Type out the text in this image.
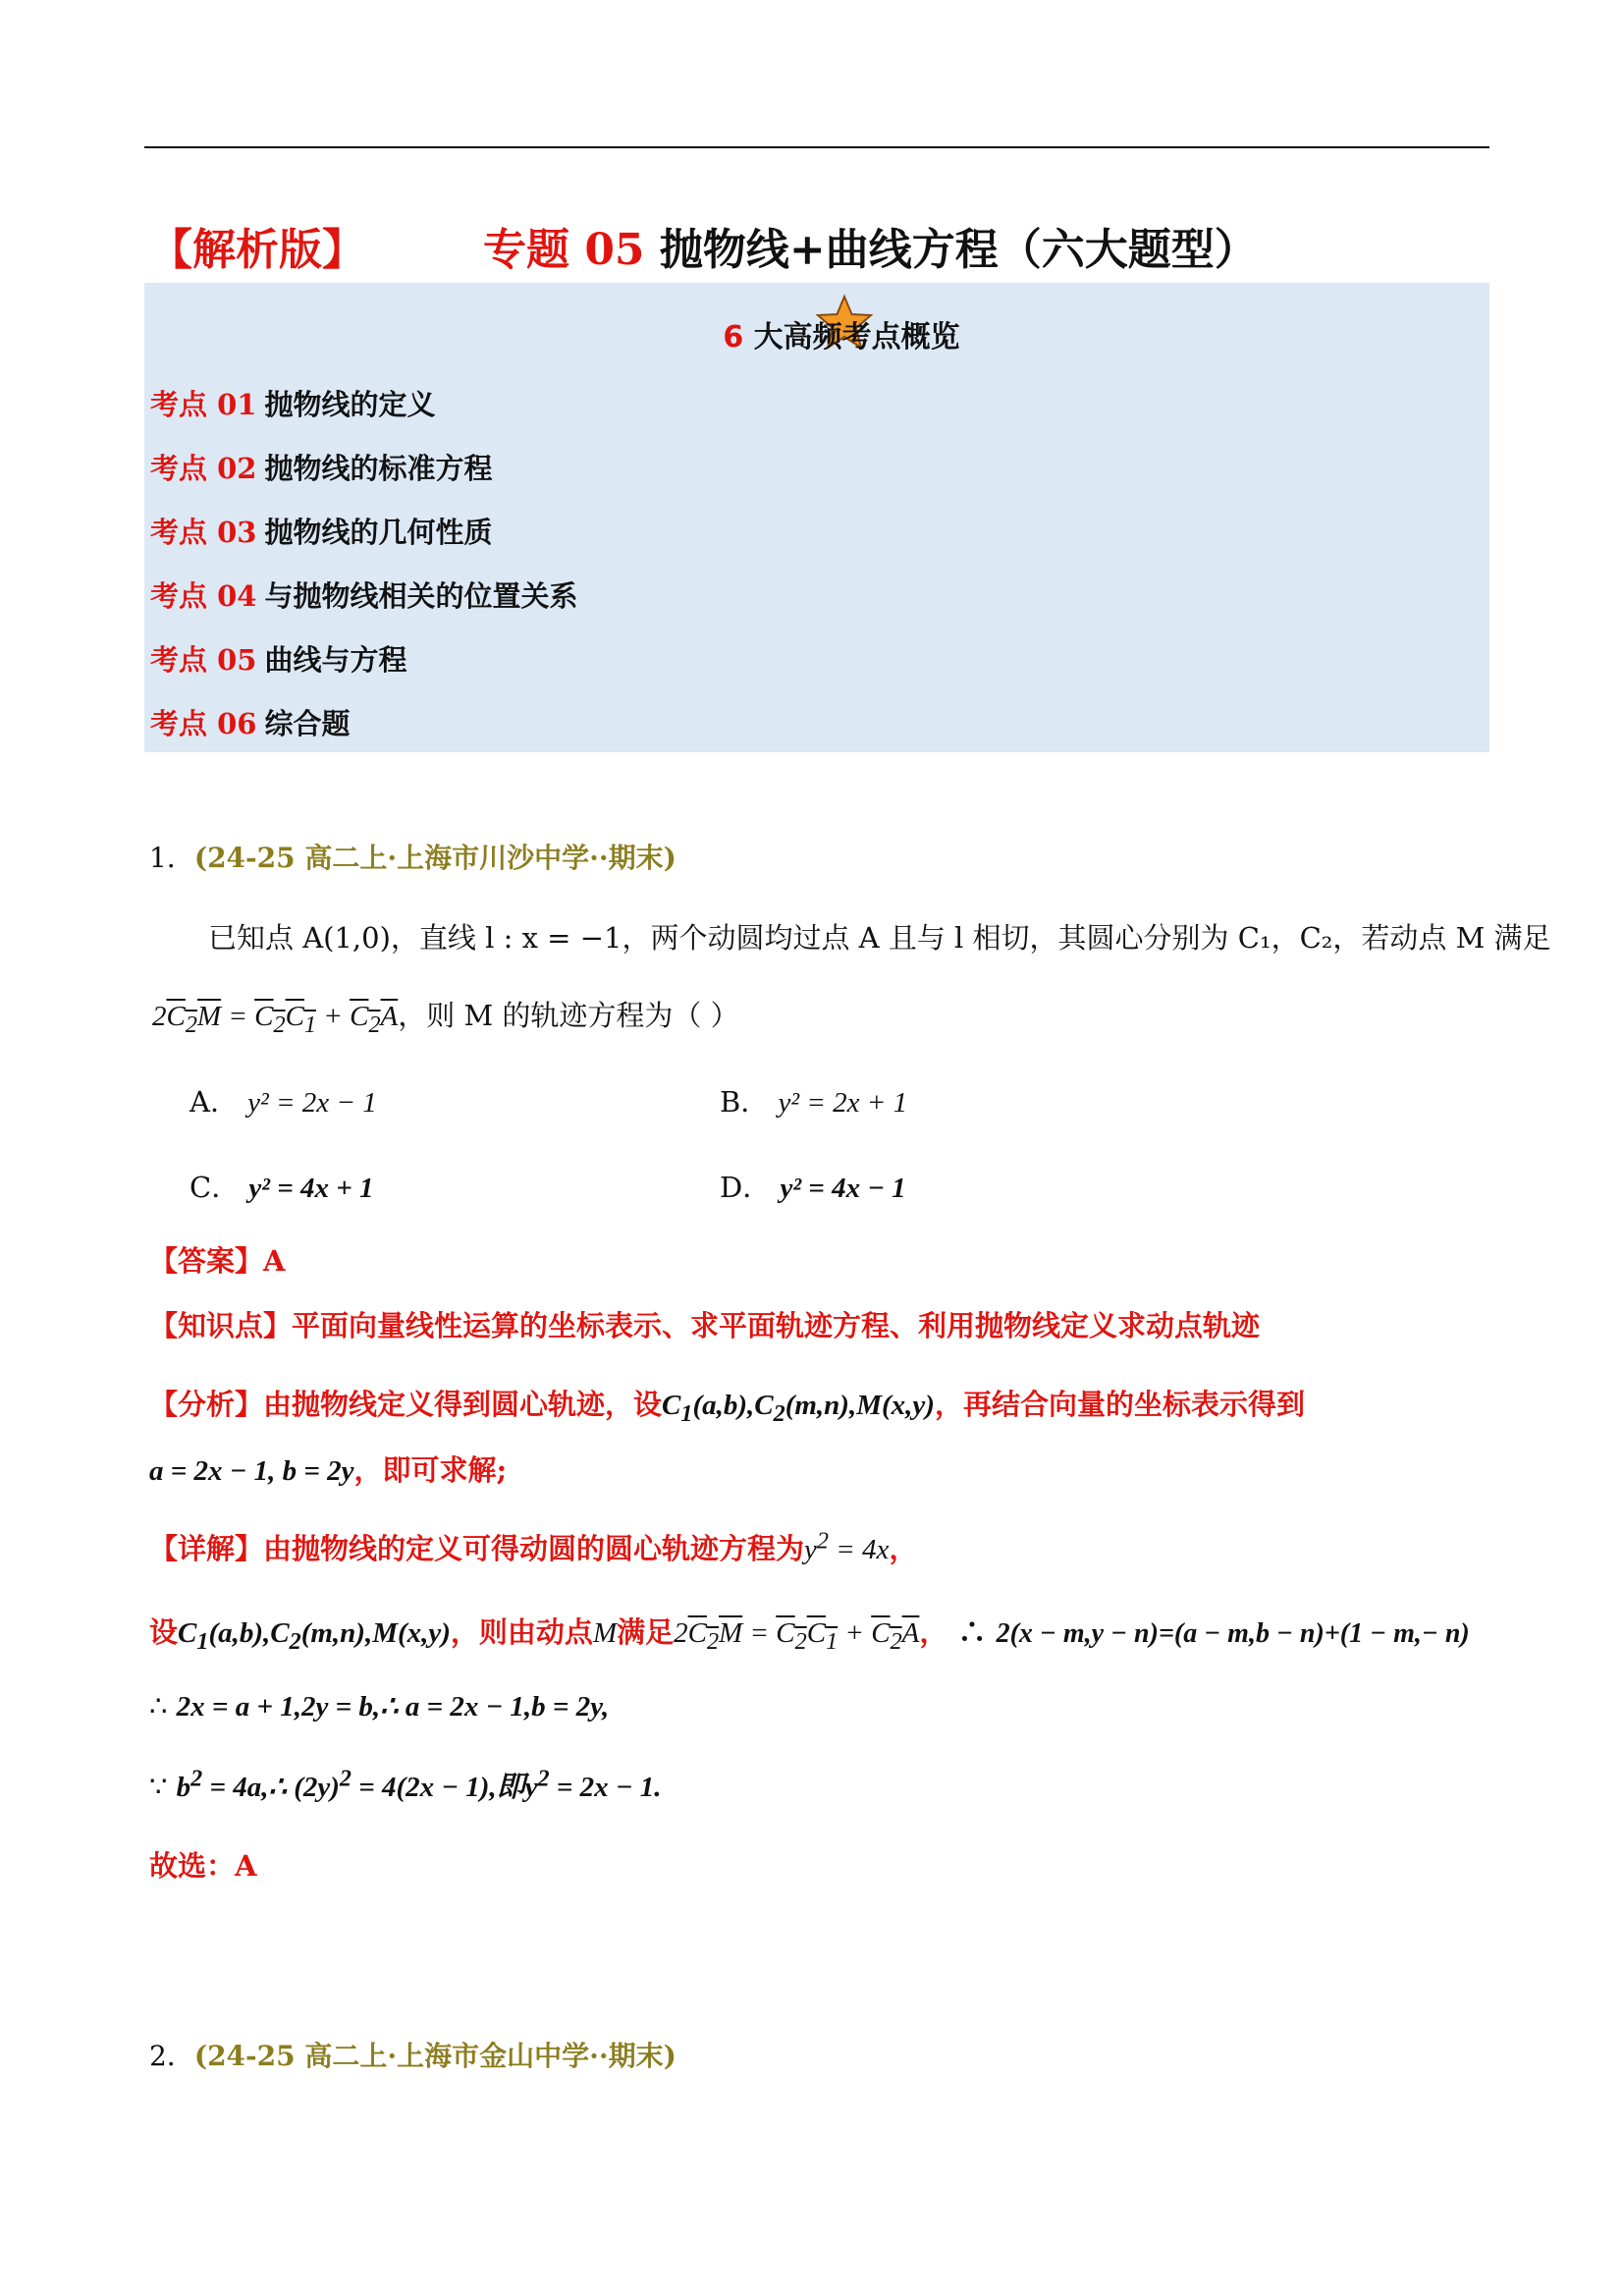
【解析版】	专题 05 抛物线+曲线方程（六大题型）
6 大高频考点概览
考点 01 抛物线的定义
考点 02 抛物线的标准方程
考点 03 抛物线的几何性质
考点 04 与抛物线相关的位置关系
考点 05 曲线与方程
考点 06 综合题
1．(24-25 高二上·上海市川沙中学··期末)
已知点 A(1,0)，直线 l : x = −1，两个动圆均过点 A 且与 l 相切，其圆心分别为 C₁，C₂，若动点 M 满足
$2C_2M = C_2C_1 + C_2A$，则 M 的轨迹方程为（ ）
A． y² = 2x − 1	B． y² = 2x + 1
C． y² = 4x + 1	D． y² = 4x − 1
【答案】A
【知识点】平面向量线性运算的坐标表示、求平面轨迹方程、利用抛物线定义求动点轨迹
【分析】由抛物线定义得到圆心轨迹，设$C_1(a,b),C_2(m,n),M(x,y)$，再结合向量的坐标表示得到
a = 2x − 1, b = 2y，即可求解;
【详解】由抛物线的定义可得动圆的圆心轨迹方程为$y^2 = 4x$，
设$C_1(a,b),C_2(m,n),M(x,y)$，则由动点M满足$2C_2M = C_2C_1 + C_2A$， ∴ 2(x − m,y − n)=(a − m,b − n)+(1 − m,− n)
∴ 2x = a + 1,2y = b,∴ a = 2x − 1,b = 2y,
∵ $b^2$ = 4a,∴ $(2y)^2 = 4(2x - 1)$,即$y^2 = 2x - 1$.
故选：A
2．(24-25 高二上·上海市金山中学··期末)
